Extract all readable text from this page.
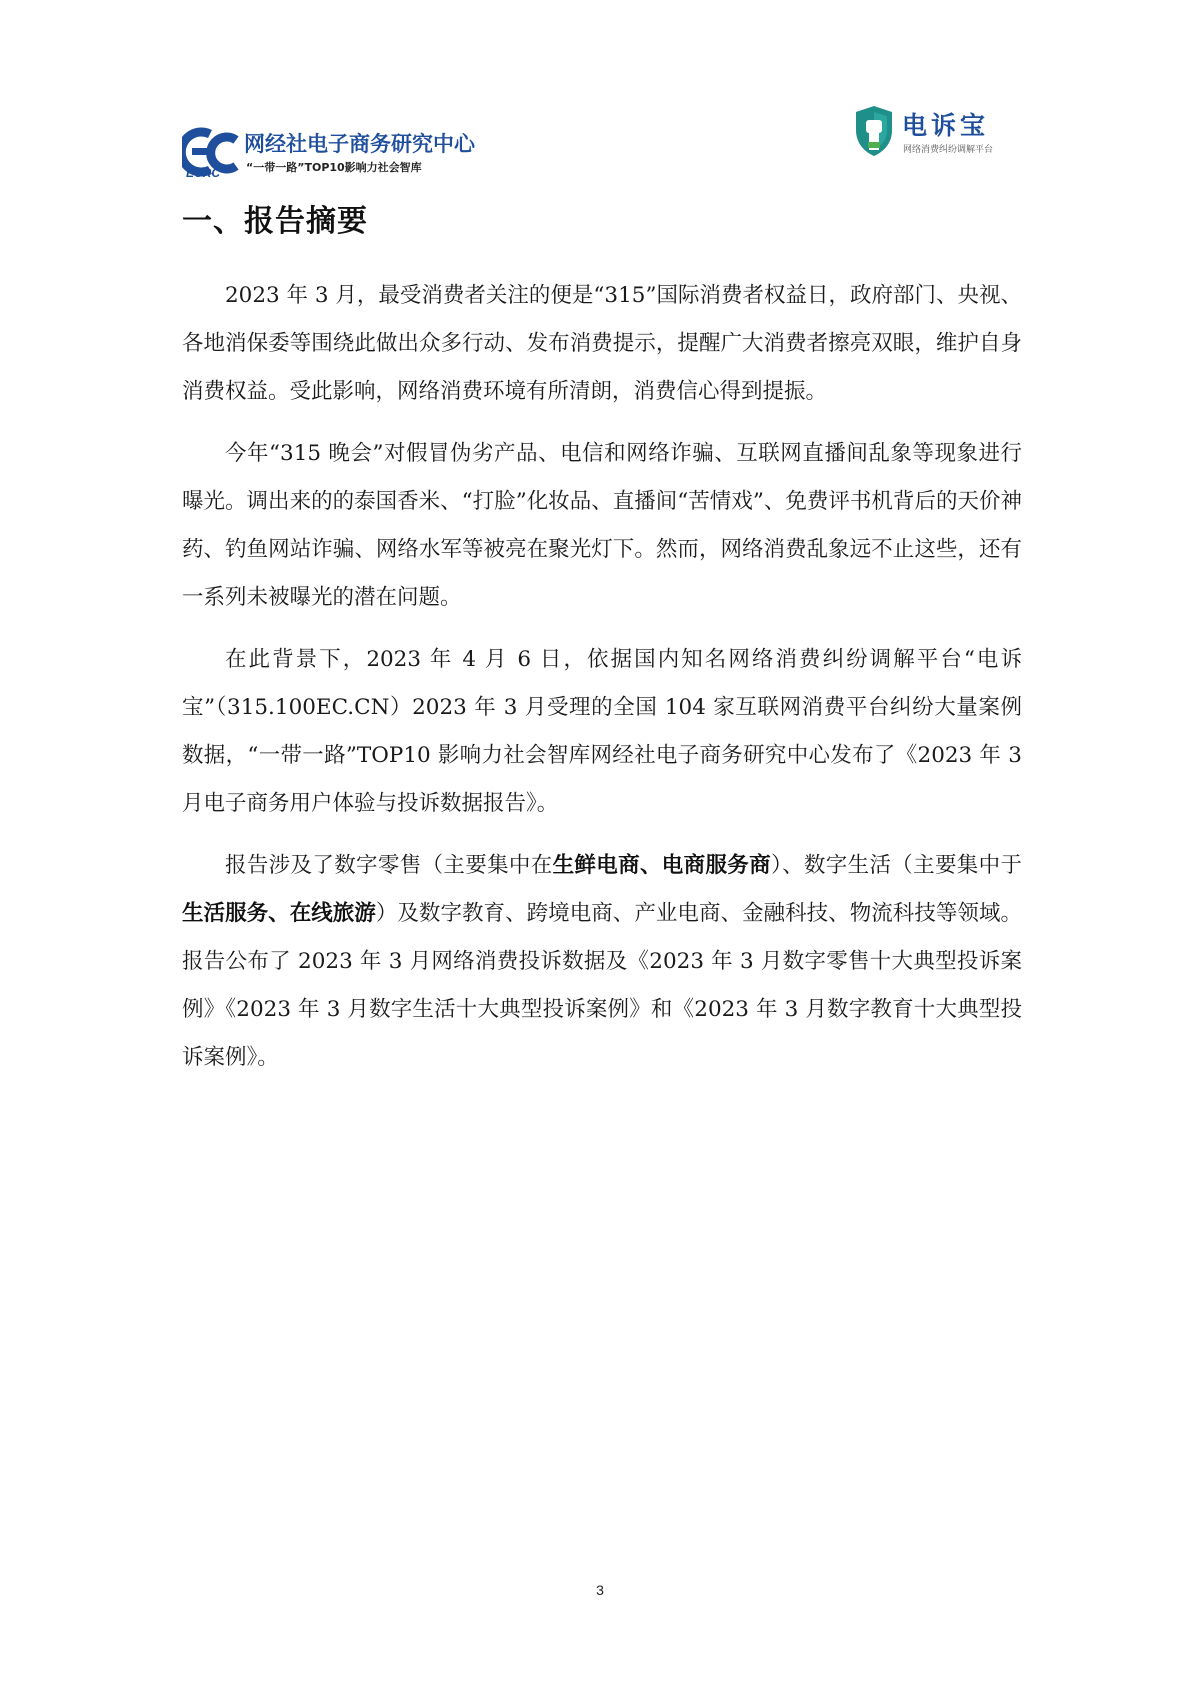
ECRC
网经社电子商务研究中心
“一带一路”TOP10影响力社会智库
电诉宝
网络消费纠纷调解平台
一、报告摘要

2023 年 3 月，最受消费者关注的便是“315”国际消费者权益日，政府部门、央视、各地消保委等围绕此做出众多行动、发布消费提示，提醒广大消费者擦亮双眼，维护自身消费权益。受此影响，网络消费环境有所清朗，消费信心得到提振。

今年“315 晚会”对假冒伪劣产品、电信和网络诈骗、互联网直播间乱象等现象进行曝光。调出来的的泰国香米、“打脸”化妆品、直播间“苦情戏”、免费评书机背后的天价神药、钓鱼网站诈骗、网络水军等被亮在聚光灯下。然而，网络消费乱象远不止这些，还有一系列未被曝光的潜在问题。

在此背景下，2023 年 4 月 6 日，依据国内知名网络消费纠纷调解平台“电诉宝”（315.100EC.CN）2023 年 3 月受理的全国 104 家互联网消费平台纠纷大量案例数据，“一带一路”TOP10 影响力社会智库网经社电子商务研究中心发布了《2023 年 3 月电子商务用户体验与投诉数据报告》。

报告涉及了数字零售（主要集中在生鲜电商、电商服务商）、数字生活（主要集中于生活服务、在线旅游）及数字教育、跨境电商、产业电商、金融科技、物流科技等领域。报告公布了 2023 年 3 月网络消费投诉数据及《2023 年 3 月数字零售十大典型投诉案例》《2023 年 3 月数字生活十大典型投诉案例》和《2023 年 3 月数字教育十大典型投诉案例》。

3
